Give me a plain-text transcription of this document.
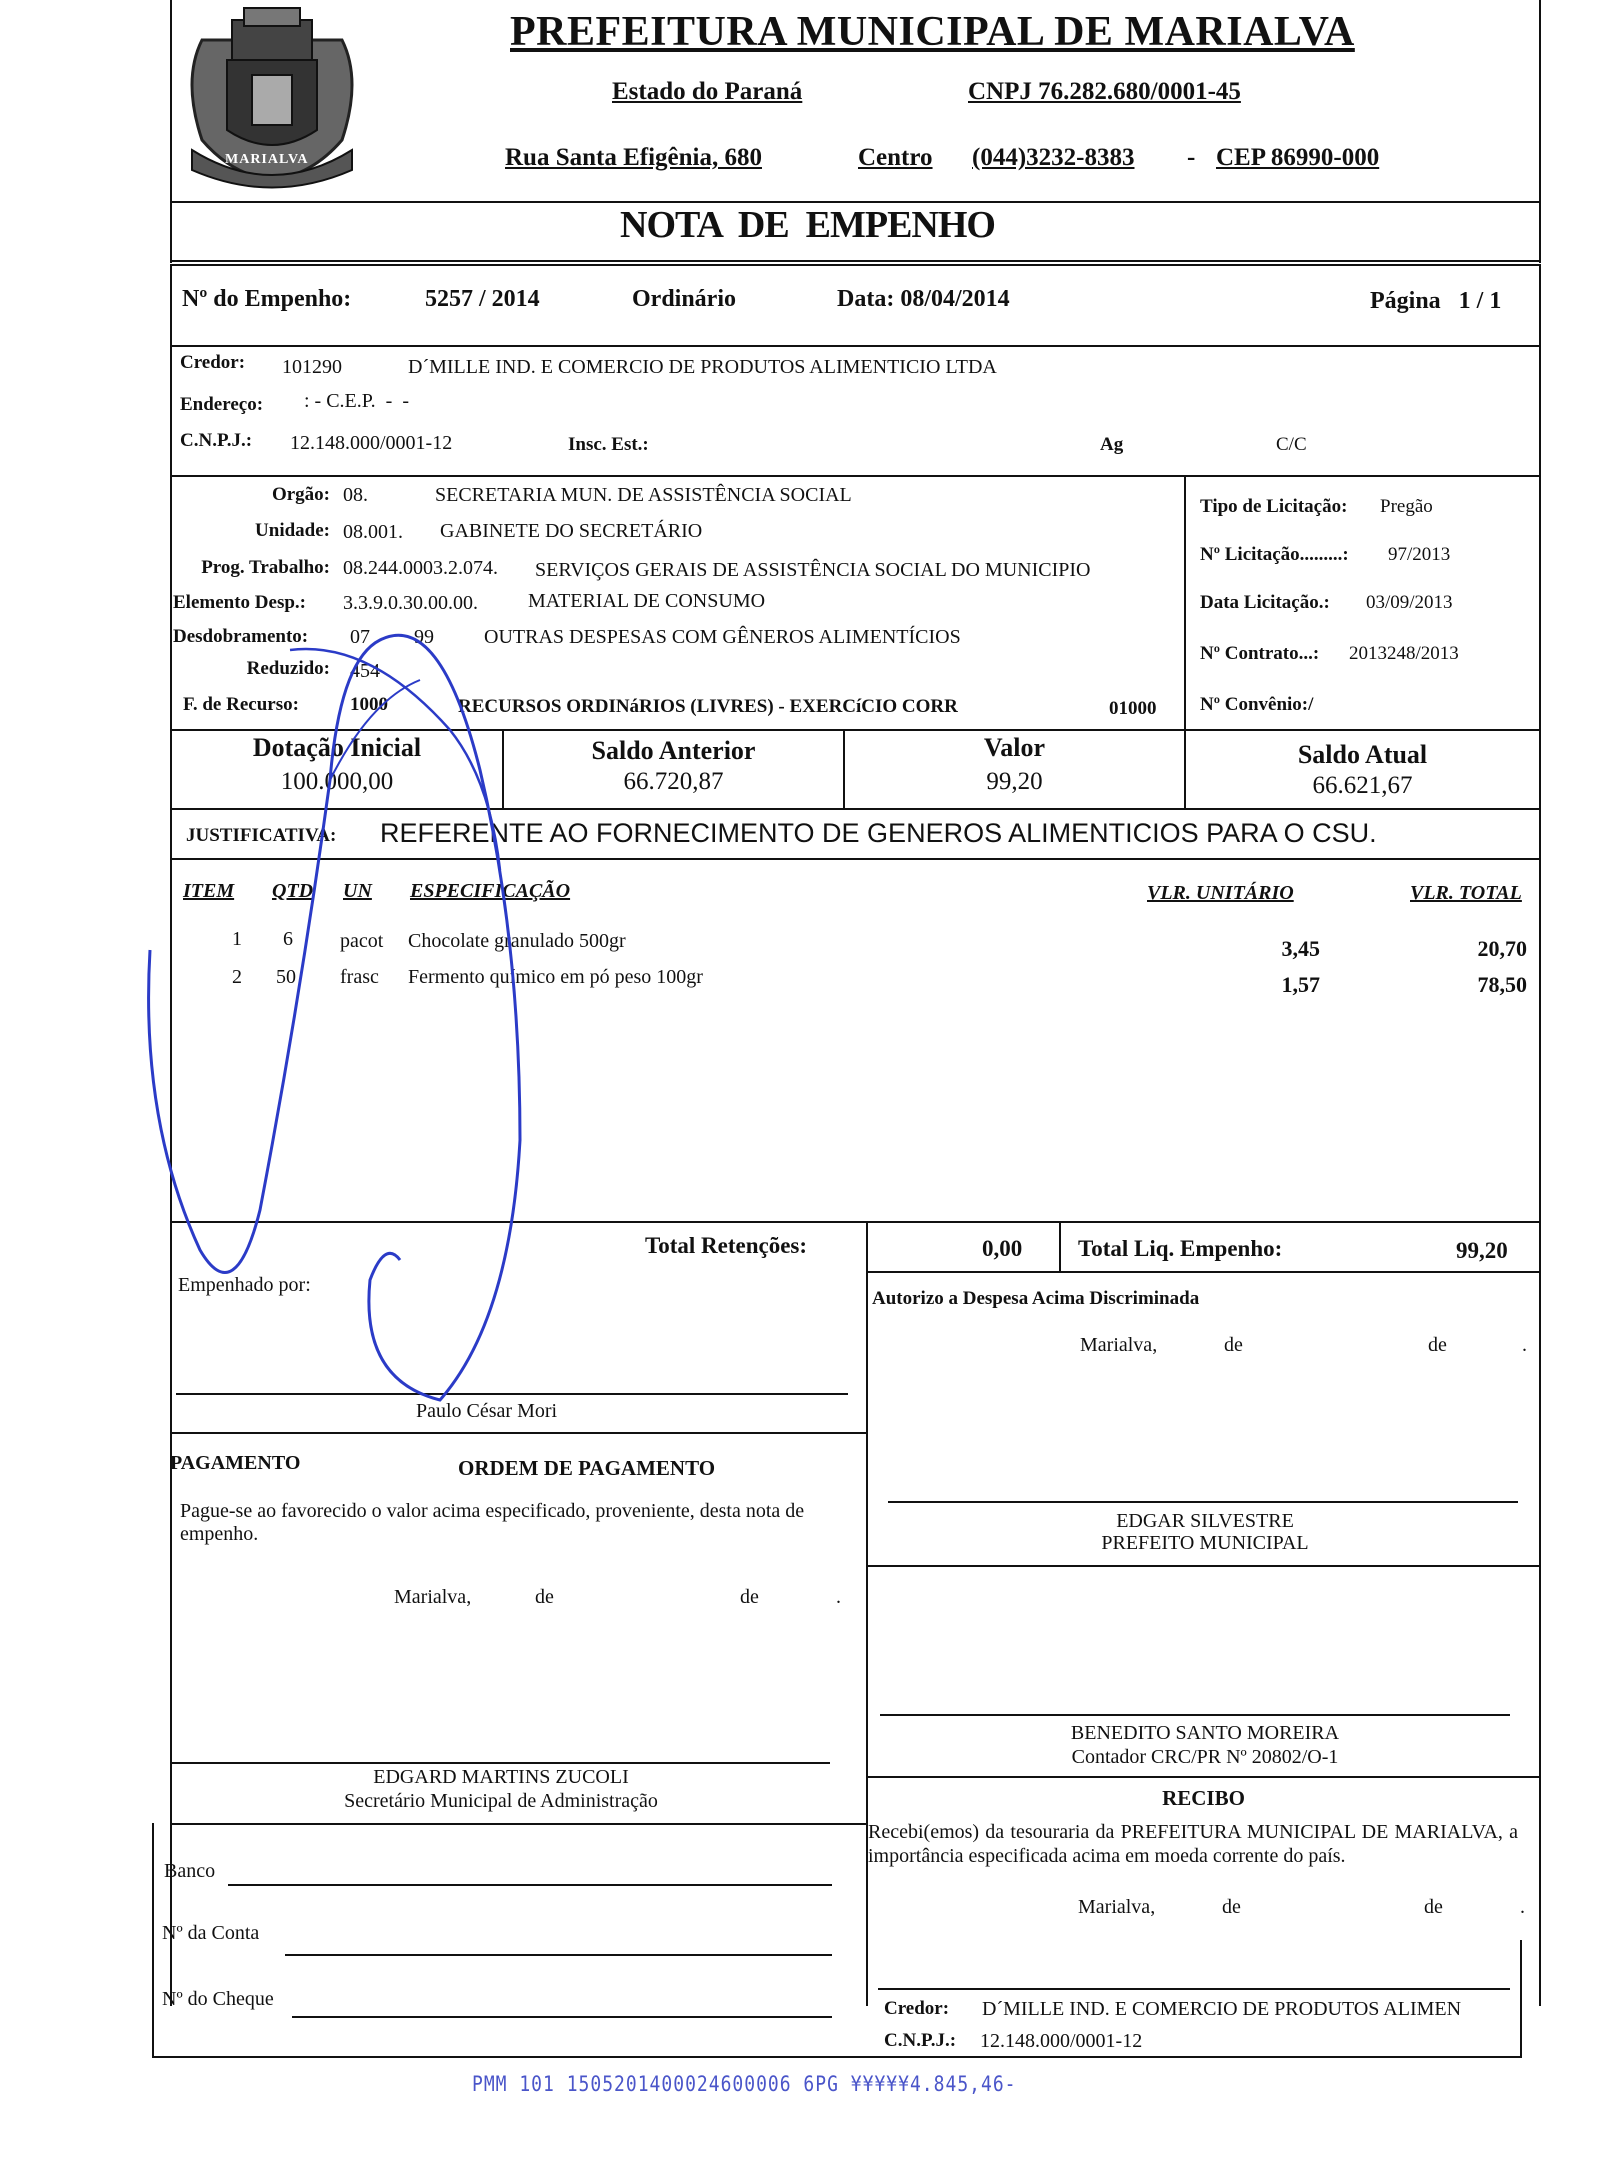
MARIALVA
PREFEITURA MUNICIPAL DE MARIALVA
Estado do Paraná	CNPJ 76.282.680/0001-45
Rua Santa Efigênia, 680	Centro (044)3232-8383 - CEP 86990-000
NOTA  DE  EMPENHO
Nº do Empenho:	5257 / 2014	Ordinário	Data: 08/04/2014	Página   1 / 1
Credor: 101290	D´MILLE IND. E COMERCIO DE PRODUTOS ALIMENTICIO LTDA
Endereço: : - C.E.P.  -  -
C.N.P.J.: 12.148.000/0001-12	Insc. Est.:	Ag	C/C
Orgão: 08.	SECRETARIA MUN. DE ASSISTÊNCIA SOCIAL
Unidade: 08.001. GABINETE DO SECRETÁRIO
Prog. Trabalho: 08.244.0003.2.074. SERVIÇOS GERAIS DE ASSISTÊNCIA SOCIAL DO MUNICIPIO
Elemento Desp.: 3.3.9.0.30.00.00.	MATERIAL DE CONSUMO
Desdobramento: 07 99	OUTRAS DESPESAS COM GÊNEROS ALIMENTÍCIOS
Reduzido: 454
F. de Recurso:	1000	RECURSOS ORDINáRIOS (LIVRES) - EXERCíCIO CORR	01000
Tipo de Licitação: Pregão
Nº Licitação.........: 97/2013
Data Licitação.: 03/09/2013
Nº Contrato...: 2013248/2013
Nº Convênio:/
Dotação Inicial
100.000,00
Saldo Anterior
66.720,87
Valor
99,20
Saldo Atual
66.621,67
JUSTIFICATIVA: REFERENTE AO FORNECIMENTO DE GENEROS ALIMENTICIOS PARA O CSU.
ITEM QTD UN ESPECIFICAÇÃO	VLR. UNITÁRIO	VLR. TOTAL
1 6 pacot Chocolate granulado 500gr	3,45	20,70
2 50 frasc Fermento químico em pó peso 100gr	1,57	78,50
Total Retenções:	0,00 Total Liq. Empenho:	99,20
Empenhado por:
Paulo César Mori
PAGAMENTO	ORDEM DE PAGAMENTO
Pague-se ao favorecido o valor acima especificado, proveniente, desta nota de empenho.
Marialva,	de	de	.
EDGARD MARTINS ZUCOLI
Secretário Municipal de Administração
Banco
Nº da Conta
Nº do Cheque
Autorizo a Despesa Acima Discriminada
Marialva,	de	de	.
EDGAR SILVESTRE
PREFEITO MUNICIPAL
BENEDITO SANTO MOREIRA
Contador CRC/PR Nº 20802/O-1
RECIBO
Recebi(emos) da tesouraria da PREFEITURA MUNICIPAL DE MARIALVA, a importância especificada acima em moeda corrente do país.
Marialva,	de	de	.
Credor: D´MILLE IND. E COMERCIO DE PRODUTOS ALIMEN
C.N.P.J.: 12.148.000/0001-12
PMM 101 1505201400024600006 6PG ¥¥¥¥¥4.845,46-
